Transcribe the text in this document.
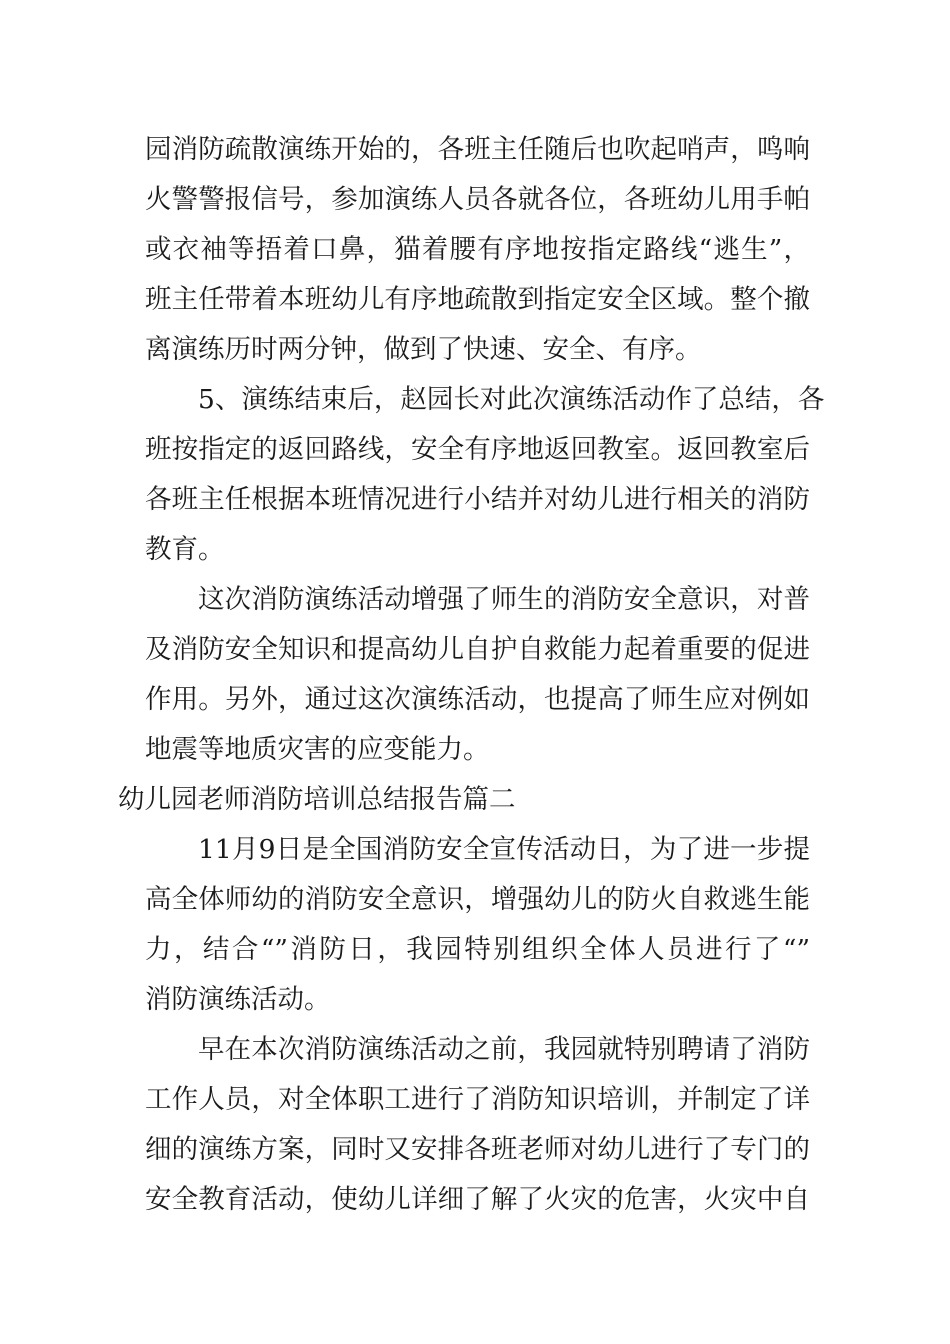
园消防疏散演练开始的，各班主任随后也吹起哨声，鸣响
火警警报信号，参加演练人员各就各位，各班幼儿用手帕
或衣袖等捂着口鼻，猫着腰有序地按指定路线“逃生”，
班主任带着本班幼儿有序地疏散到指定安全区域。整个撤
离演练历时两分钟，做到了快速、安全、有序。
5、演练结束后，赵园长对此次演练活动作了总结，各
班按指定的返回路线，安全有序地返回教室。返回教室后
各班主任根据本班情况进行小结并对幼儿进行相关的消防
教育。
这次消防演练活动增强了师生的消防安全意识，对普
及消防安全知识和提高幼儿自护自救能力起着重要的促进
作用。另外，通过这次演练活动，也提高了师生应对例如
地震等地质灾害的应变能力。
幼儿园老师消防培训总结报告篇二
11月9日是全国消防安全宣传活动日，为了进一步提
高全体师幼的消防安全意识，增强幼儿的防火自救逃生能
力，结合“”消防日，我园特别组织全体人员进行了“”
消防演练活动。
早在本次消防演练活动之前，我园就特别聘请了消防
工作人员，对全体职工进行了消防知识培训，并制定了详
细的演练方案，同时又安排各班老师对幼儿进行了专门的
安全教育活动，使幼儿详细了解了火灾的危害，火灾中自
